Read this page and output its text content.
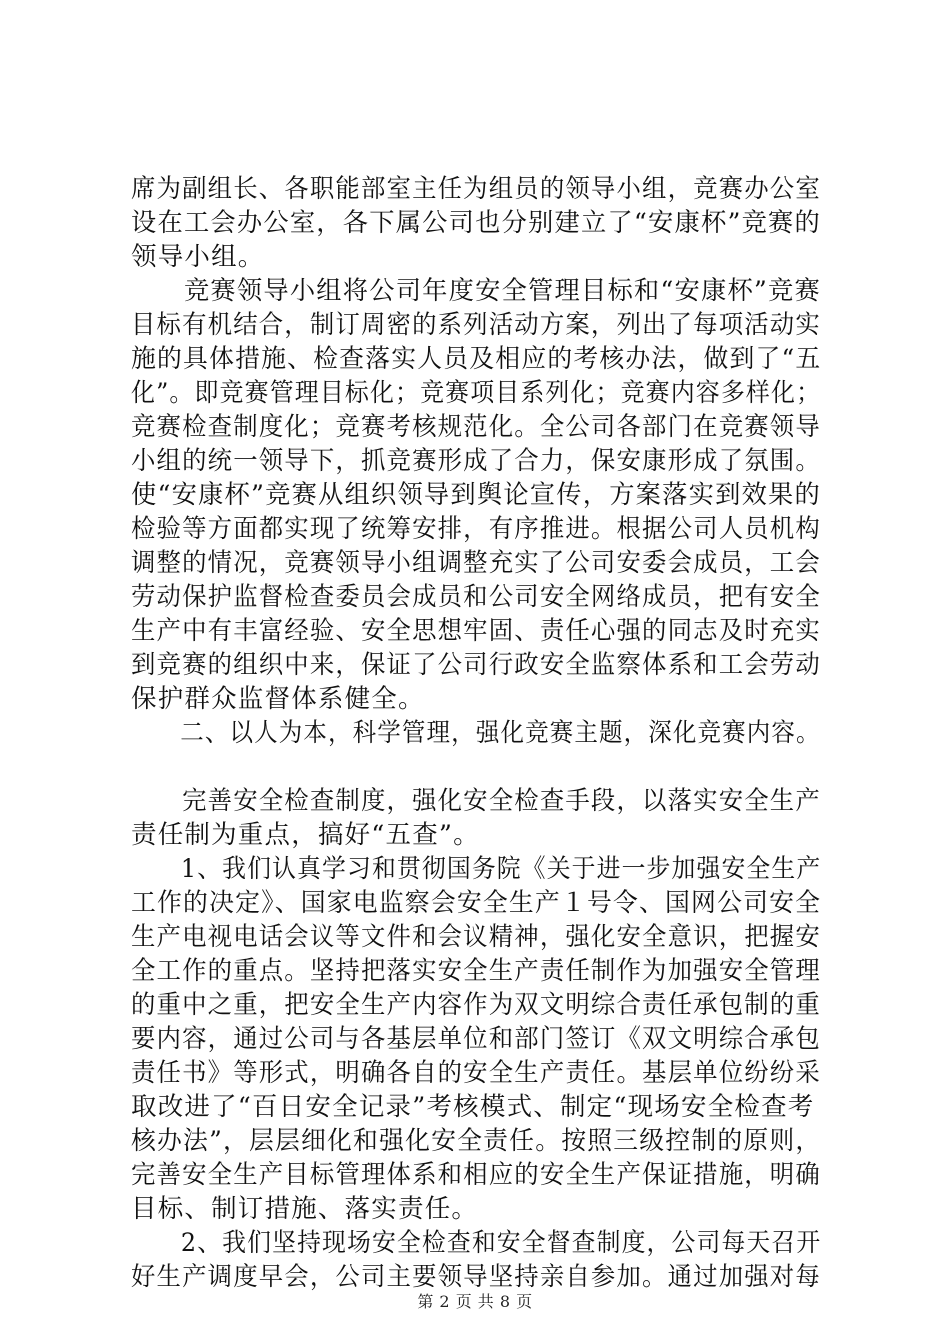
席为副组长、各职能部室主任为组员的领导小组，竞赛办公室
设在工会办公室，各下属公司也分别建立了“安康杯”竞赛的
领导小组。
　　竞赛领导小组将公司年度安全管理目标和“安康杯”竞赛
目标有机结合，制订周密的系列活动方案，列出了每项活动实
施的具体措施、检查落实人员及相应的考核办法，做到了“五
化”。即竞赛管理目标化；竞赛项目系列化；竞赛内容多样化；
竞赛检查制度化；竞赛考核规范化。全公司各部门在竞赛领导
小组的统一领导下，抓竞赛形成了合力，保安康形成了氛围。
使“安康杯”竞赛从组织领导到舆论宣传，方案落实到效果的
检验等方面都实现了统筹安排，有序推进。根据公司人员机构
调整的情况，竞赛领导小组调整充实了公司安委会成员，工会
劳动保护监督检查委员会成员和公司安全网络成员，把有安全
生产中有丰富经验、安全思想牢固、责任心强的同志及时充实
到竞赛的组织中来，保证了公司行政安全监察体系和工会劳动
保护群众监督体系健全。
　　二、以人为本，科学管理，强化竞赛主题，深化竞赛内容。
　　完善安全检查制度，强化安全检查手段，以落实安全生产
责任制为重点，搞好“五查”。
　　1、我们认真学习和贯彻国务院《关于进一步加强安全生产
工作的决定》、国家电监察会安全生产１号令、国网公司安全
生产电视电话会议等文件和会议精神，强化安全意识，把握安
全工作的重点。坚持把落实安全生产责任制作为加强安全管理
的重中之重，把安全生产内容作为双文明综合责任承包制的重
要内容，通过公司与各基层单位和部门签订《双文明综合承包
责任书》等形式，明确各自的安全生产责任。基层单位纷纷采
取改进了“百日安全记录”考核模式、制定“现场安全检查考
核办法”，层层细化和强化安全责任。按照三级控制的原则，
完善安全生产目标管理体系和相应的安全生产保证措施，明确
目标、制订措施、落实责任。
　　2、我们坚持现场安全检查和安全督查制度，公司每天召开
好生产调度早会，公司主要领导坚持亲自参加。通过加强对每
第 2 页 共 8 页
